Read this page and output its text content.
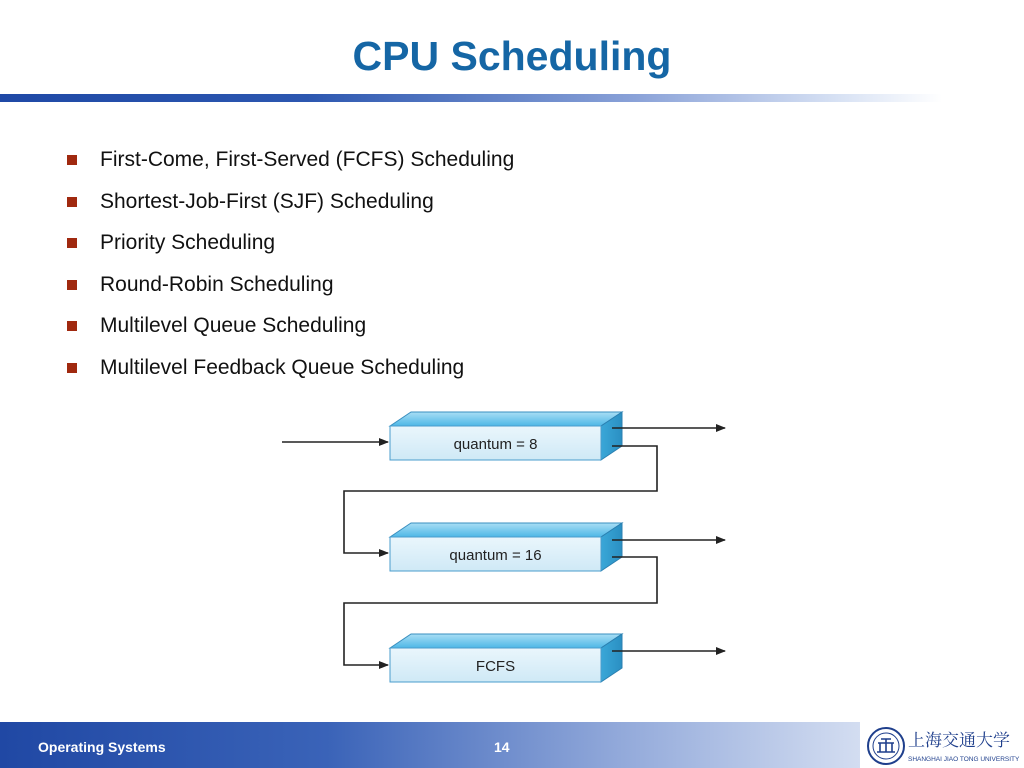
CPU Scheduling
First-Come, First-Served (FCFS) Scheduling
Shortest-Job-First (SJF) Scheduling
Priority Scheduling
Round-Robin Scheduling
Multilevel Queue Scheduling
Multilevel Feedback Queue Scheduling
quantum = 8
quantum = 16
FCFS
Operating Systems	14	上海交通大学
SHANGHAI JIAO TONG UNIVERSITY
